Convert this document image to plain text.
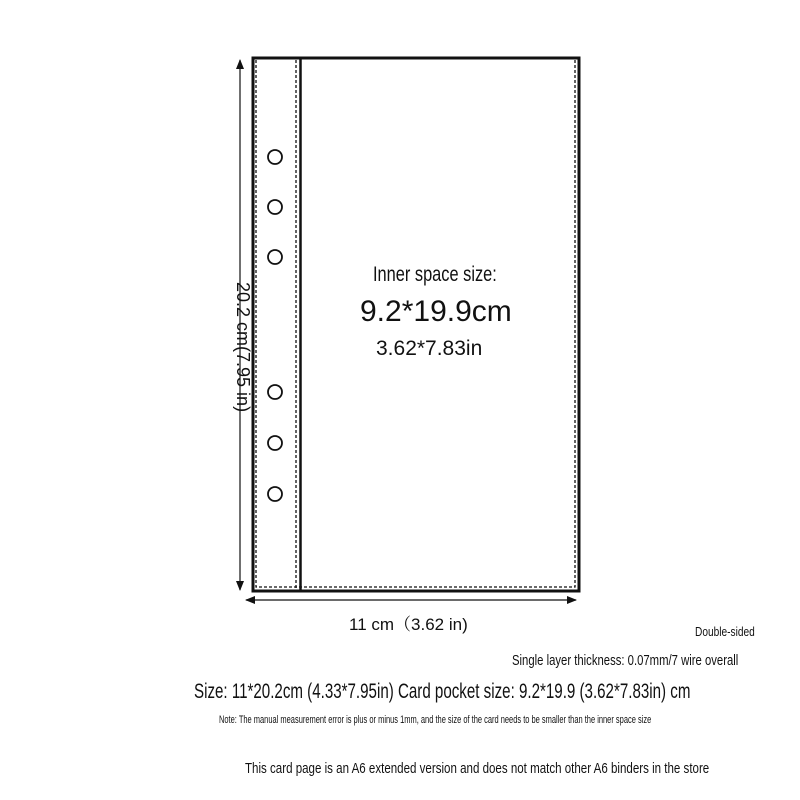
20.2 cm(7.95 in)
11 cm（3.62 in)
Inner space size:
9.2*19.9cm
3.62*7.83in
Double-sided
Single layer thickness: 0.07mm/7 wire overall
Size: 11*20.2cm (4.33*7.95in) Card pocket size: 9.2*19.9 (3.62*7.83in) cm
Note: The manual measurement error is plus or minus 1mm, and the size of the card needs to be smaller than the inner space size
This card page is an A6 extended version and does not match other A6 binders in the store
